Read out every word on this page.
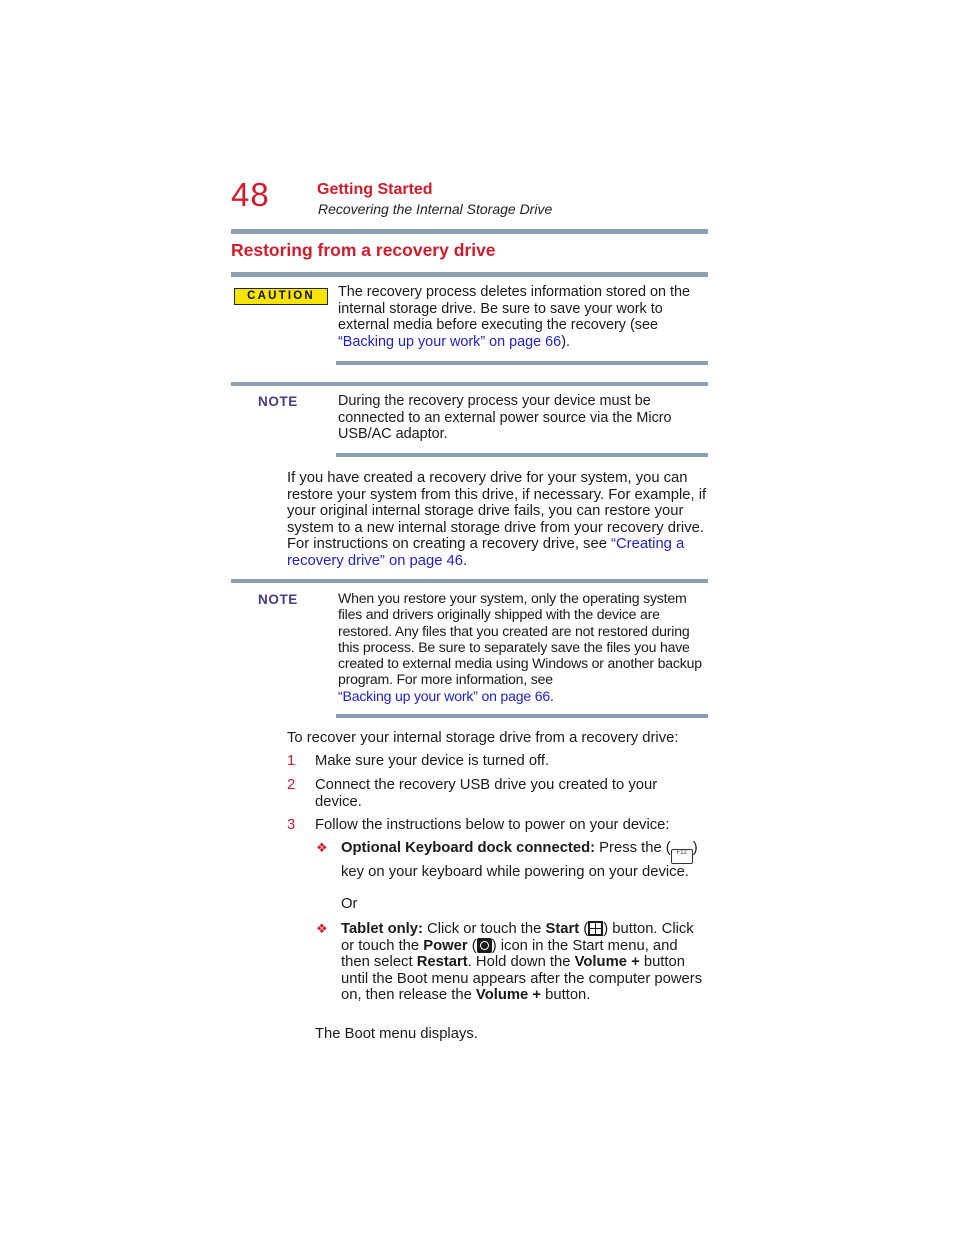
48	Getting Started
Recovering the Internal Storage Drive
Restoring from a recovery drive
CAUTION	The recovery process deletes information stored on the internal storage drive. Be sure to save your work to external media before executing the recovery (see
“Backing up your work” on page 66).
NOTE	During the recovery process your device must be connected to an external power source via the Micro USB/AC adaptor.
If you have created a recovery drive for your system, you can restore your system from this drive, if necessary. For example, if your original internal storage drive fails, you can restore your system to a new internal storage drive from your recovery drive. For instructions on creating a recovery drive, see “Creating a recovery drive” on page 46.
NOTE	When you restore your system, only the operating system files and drivers originally shipped with the device are restored. Any files that you created are not restored during this process. Be sure to separately save the files you have created to external media using Windows or another backup program. For more information, see
“Backing up your work” on page 66.
To recover your internal storage drive from a recovery drive:
1 Make sure your device is turned off.
2 Connect the recovery USB drive you created to your device.
3 Follow the instructions below to power on your device:
❖ Optional Keyboard dock connected: Press the ( F12 ) key on your keyboard while powering on your device.
Or
❖ Tablet only: Click or touch the Start ( ) button. Click or touch the Power ( ) icon in the Start menu, and then select Restart. Hold down the Volume + button until the Boot menu appears after the computer powers on, then release the Volume + button.
The Boot menu displays.
